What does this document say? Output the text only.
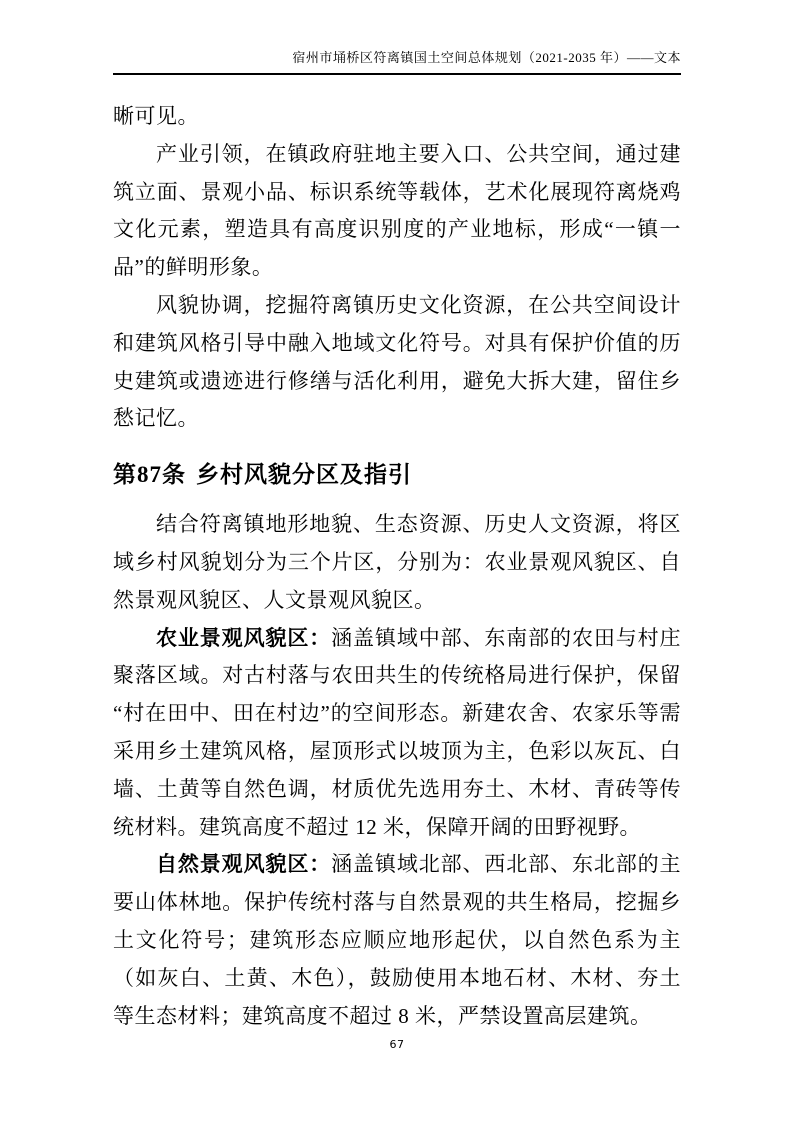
宿州市埇桥区符离镇国土空间总体规划（2021-2035 年）——文本

晰可见。

产业引领，在镇政府驻地主要入口、公共空间，通过建筑立面、景观小品、标识系统等载体，艺术化展现符离烧鸡文化元素，塑造具有高度识别度的产业地标，形成“一镇一品”的鲜明形象。

风貌协调，挖掘符离镇历史文化资源，在公共空间设计和建筑风格引导中融入地域文化符号。对具有保护价值的历史建筑或遗迹进行修缮与活化利用，避免大拆大建，留住乡愁记忆。

第87条 乡村风貌分区及指引

结合符离镇地形地貌、生态资源、历史人文资源，将区域乡村风貌划分为三个片区，分别为：农业景观风貌区、自然景观风貌区、人文景观风貌区。

农业景观风貌区：涵盖镇域中部、东南部的农田与村庄聚落区域。对古村落与农田共生的传统格局进行保护，保留“村在田中、田在村边”的空间形态。新建农舍、农家乐等需采用乡土建筑风格，屋顶形式以坡顶为主，色彩以灰瓦、白墙、土黄等自然色调，材质优先选用夯土、木材、青砖等传统材料。建筑高度不超过 12 米，保障开阔的田野视野。

自然景观风貌区：涵盖镇域北部、西北部、东北部的主要山体林地。保护传统村落与自然景观的共生格局，挖掘乡土文化符号；建筑形态应顺应地形起伏，以自然色系为主（如灰白、土黄、木色），鼓励使用本地石材、木材、夯土等生态材料；建筑高度不超过 8 米，严禁设置高层建筑。

67
